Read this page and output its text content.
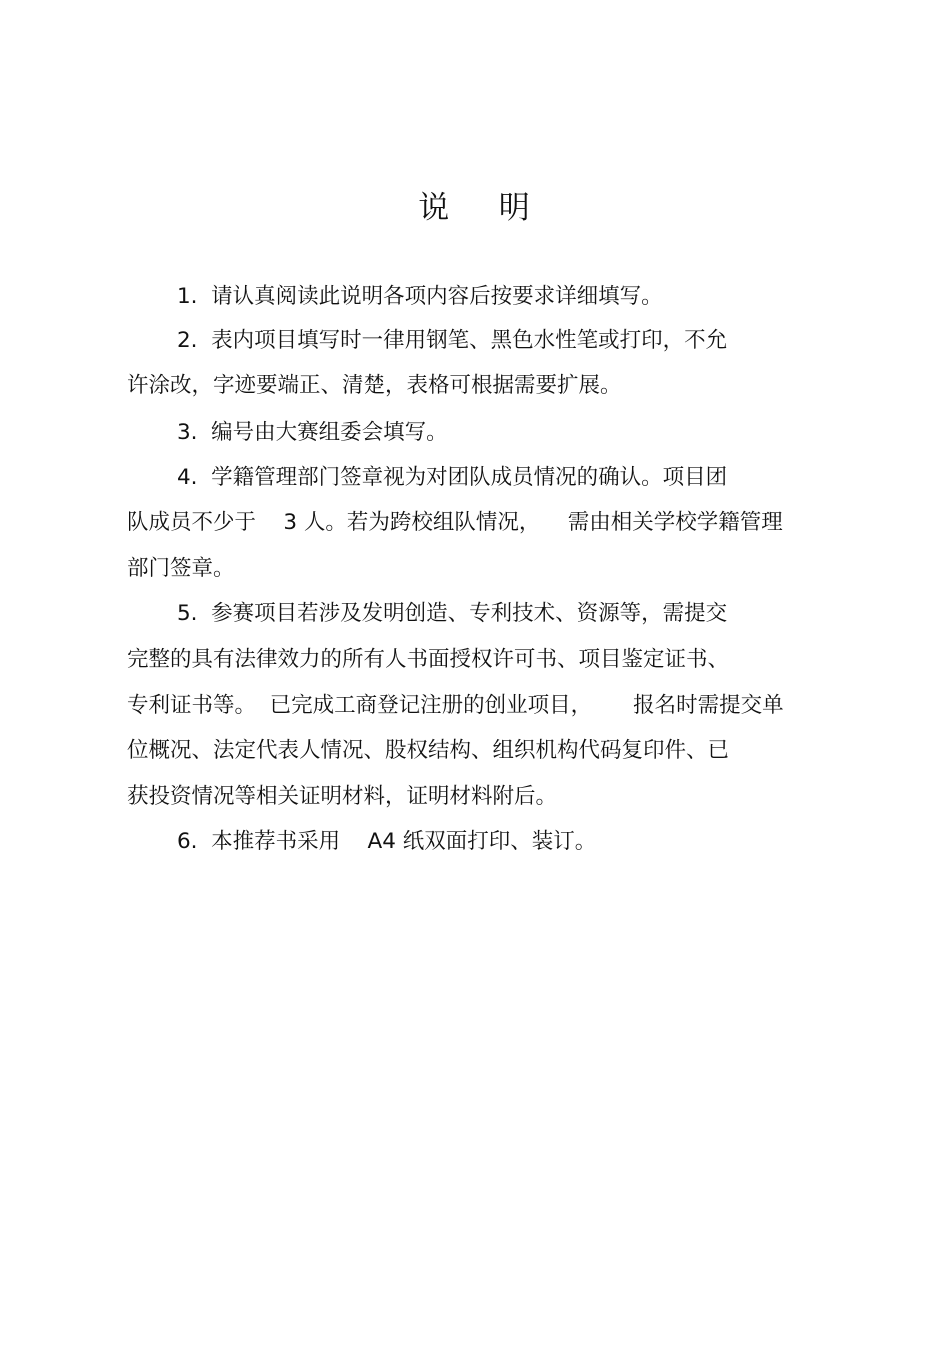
说    明
1.  请认真阅读此说明各项内容后按要求详细填写。
2.  表内项目填写时一律用钢笔、黑色水性笔或打印，不允
许涂改，字迹要端正、清楚，表格可根据需要扩展。
3.  编号由大赛组委会填写。
4.  学籍管理部门签章视为对团队成员情况的确认。项目团
队成员不少于    3 人。若为跨校组队情况，    需由相关学校学籍管理
部门签章。
5.  参赛项目若涉及发明创造、专利技术、资源等，需提交
完整的具有法律效力的所有人书面授权许可书、项目鉴定证书、
专利证书等。  已完成工商登记注册的创业项目，      报名时需提交单
位概况、法定代表人情况、股权结构、组织机构代码复印件、已
获投资情况等相关证明材料，证明材料附后。
6.  本推荐书采用    A4 纸双面打印、装订。
